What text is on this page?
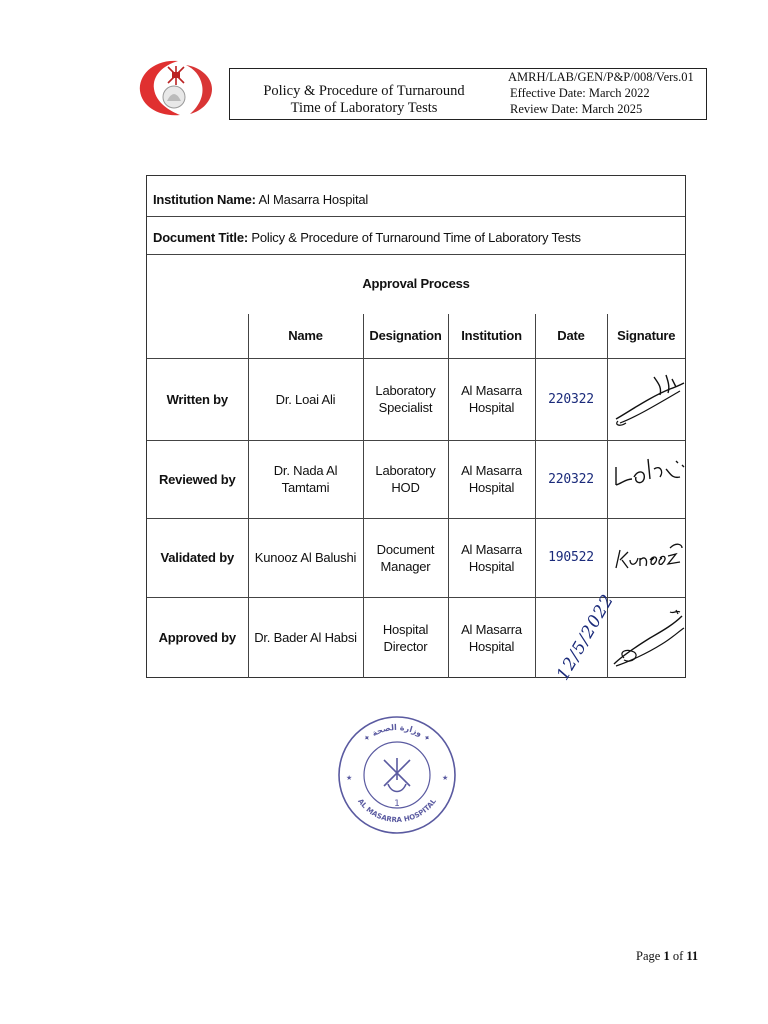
Policy & Procedure of Turnaround
Time of Laboratory Tests
AMRH/LAB/GEN/P&P/008/Vers.01
Effective Date: March 2022
Review Date: March 2025
Institution Name: Al Masarra Hospital
Document Title: Policy & Procedure of Turnaround Time of Laboratory Tests
Approval Process
	Name	Designation	Institution	Date	Signature
Written by	Dr. Loai Ali	Laboratory Specialist	Al Masarra Hospital	220322	

Reviewed by	Dr. Nada Al Tamtami	Laboratory HOD	Al Masarra Hospital	220322	

Validated by	Kunooz Al Balushi	Document Manager	Al Masarra Hospital	190522	

Approved by	Dr. Bader Al Habsi	Hospital Director	Al Masarra Hospital	12/5/2022	
✦ وزارة الصحة ✦
AL MASARRA HOSPITAL
1
★	★
Page 1 of 11
